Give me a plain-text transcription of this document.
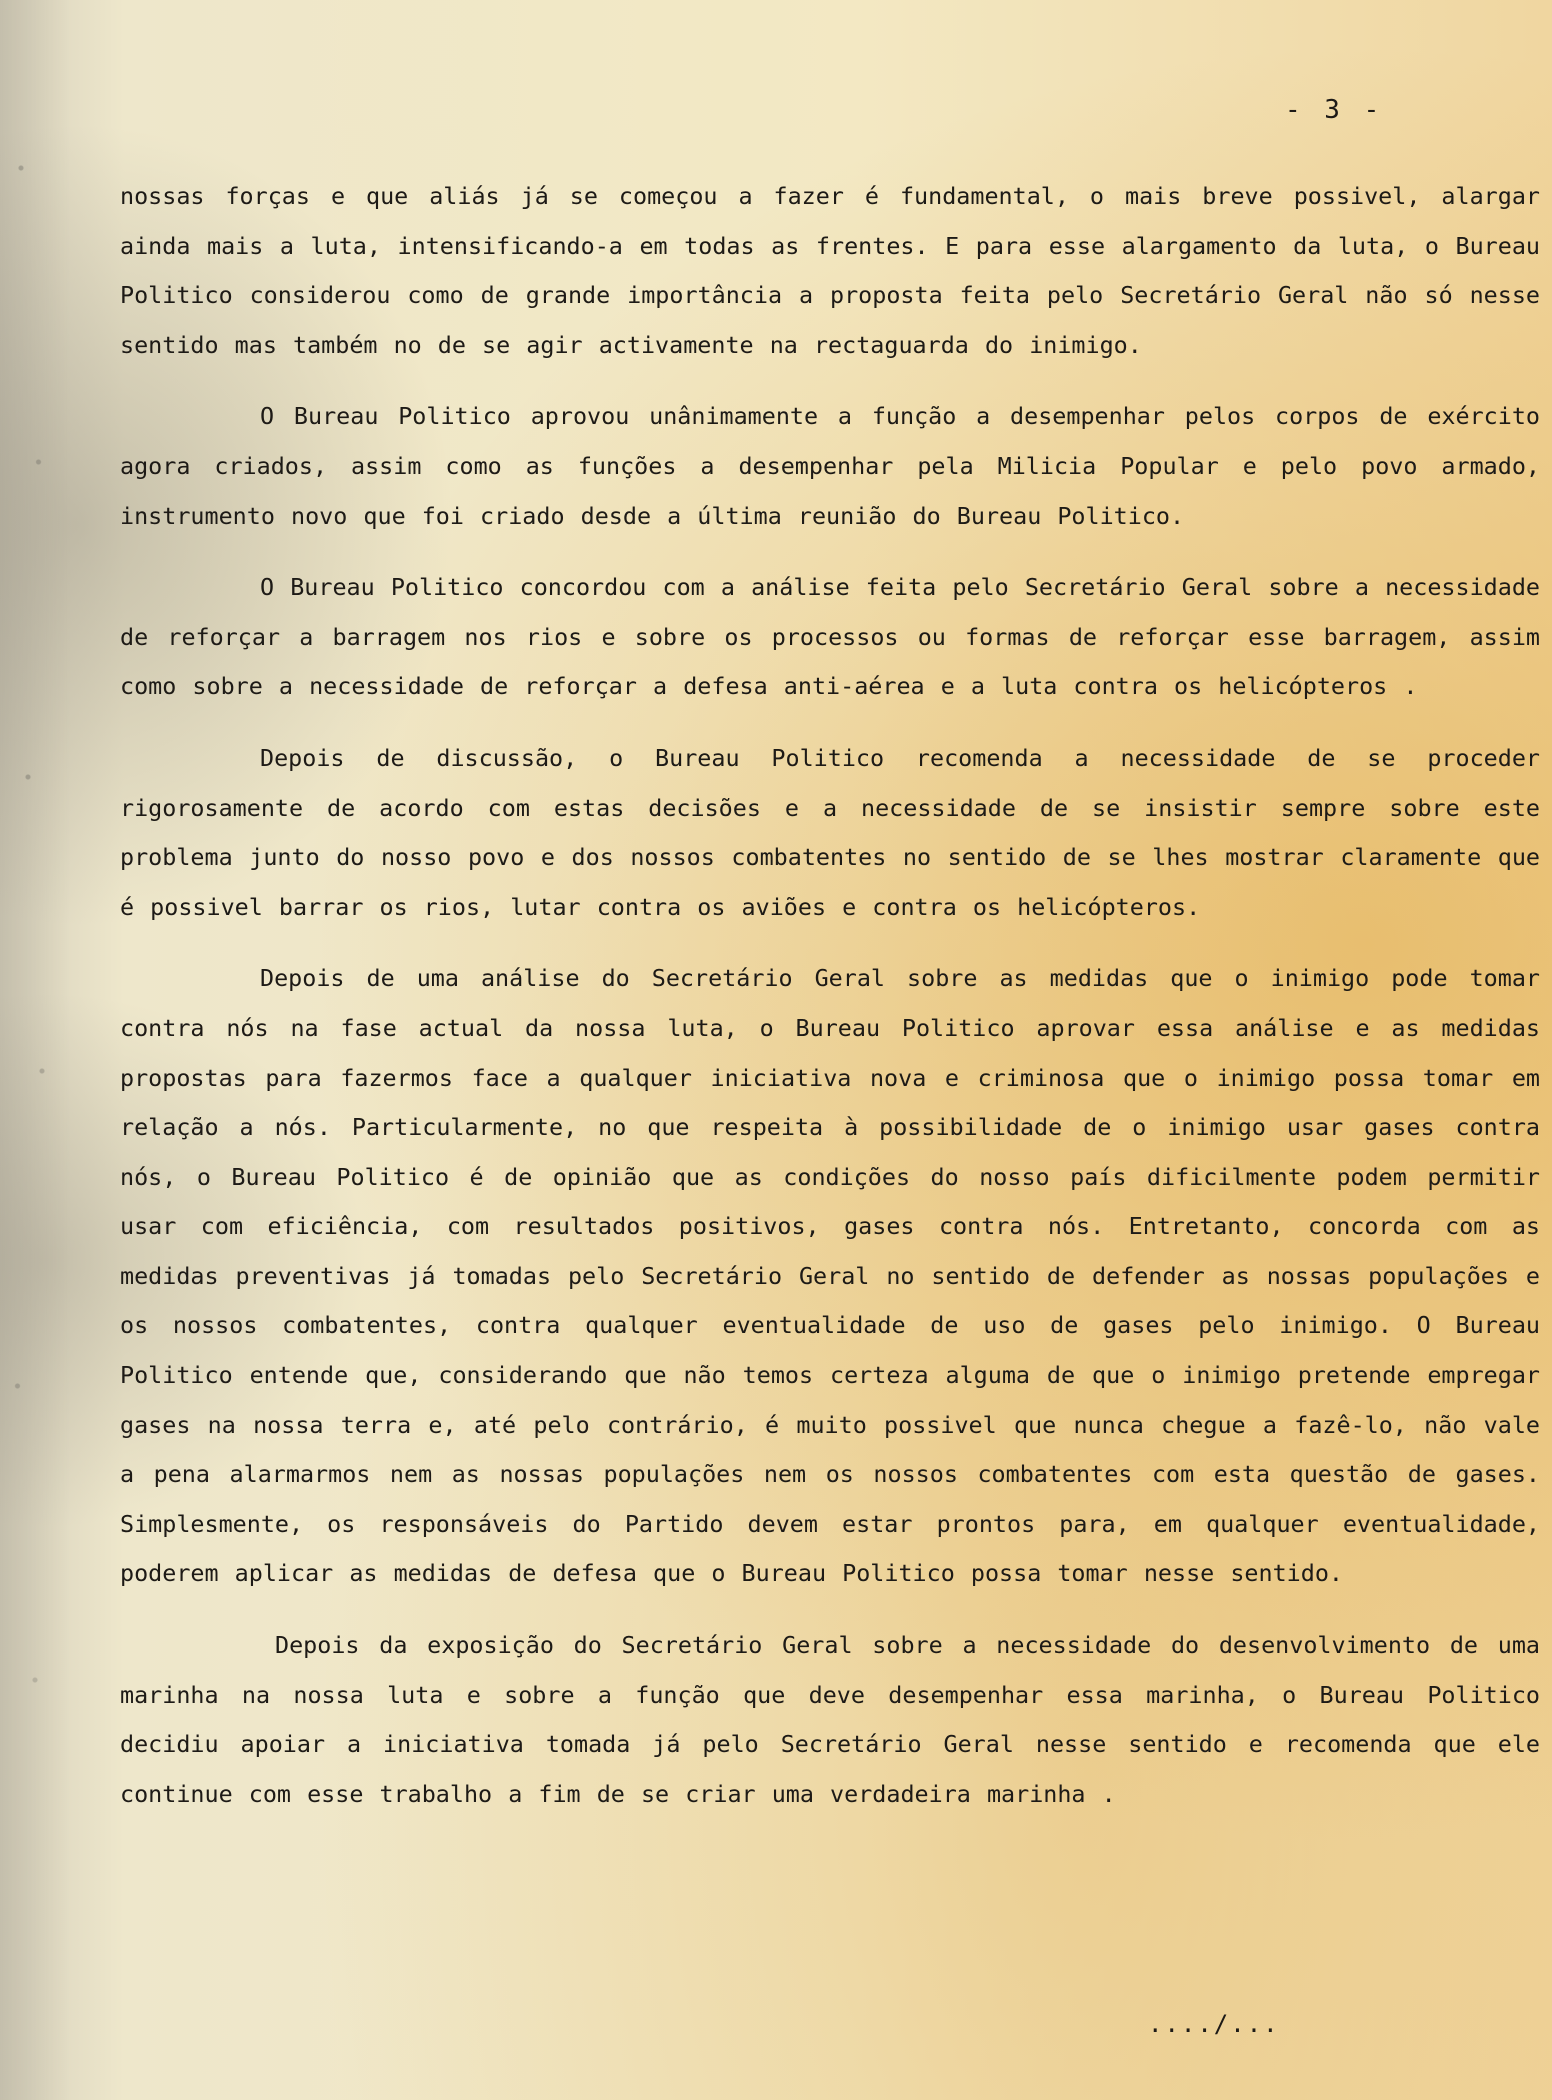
- 3 -

nossas forças e que aliás já se começou a fazer é fundamental, o mais breve possivel, alargar ainda mais a luta, intensificando-a em todas as frentes. E para esse alargamento da luta, o Bureau Politico considerou como de grande importância a proposta feita pelo Secretário Geral não só nesse sentido mas também no de se agir activamente na rectaguarda do inimigo.

O Bureau Politico aprovou unânimamente a função a desempenhar pelos corpos de exército agora criados, assim como as funções a desempenhar pela Milicia Popular e pelo povo armado, instrumento novo que foi criado desde a última reunião do Bureau Politico.

O Bureau Politico concordou com a análise feita pelo Secretário Geral sobre a necessidade de reforçar a barragem nos rios e sobre os processos ou formas de reforçar esse barragem, assim como sobre a necessidade de reforçar a defesa anti-aérea e a luta contra os helicópteros .

Depois de discussão, o Bureau Politico recomenda a necessidade de se proceder rigorosamente de acordo com estas decisões e a necessidade de se insistir sempre sobre este problema junto do nosso povo e dos nossos combatentes no sentido de se lhes mostrar claramente que é possivel barrar os rios, lutar contra os aviões e contra os helicópteros.

Depois de uma análise do Secretário Geral sobre as medidas que o inimigo pode tomar contra nós na fase actual da nossa luta, o Bureau Politico aprovar essa análise e as medidas propostas para fazermos face a qualquer iniciativa nova e criminosa que o inimigo possa tomar em relação a nós. Particularmente, no que respeita à possibilidade de o inimigo usar gases contra nós, o Bureau Politico é de opinião que as condições do nosso país dificilmente podem permitir usar com eficiência, com resultados positivos, gases contra nós. Entretanto, concorda com as medidas preventivas já tomadas pelo Secretário Geral no sentido de defender as nossas populações e os nossos combatentes, contra qualquer eventualidade de uso de gases pelo inimigo. O Bureau Politico entende que, considerando que não temos certeza alguma de que o inimigo pretende empregar gases na nossa terra e, até pelo contrário, é muito possivel que nunca chegue a fazê-lo, não vale a pena alarmarmos nem as nossas populações nem os nossos combatentes com esta questão de gases. Simplesmente, os responsáveis do Partido devem estar prontos para, em qualquer eventualidade, poderem aplicar as medidas de defesa que o Bureau Politico possa tomar nesse sentido.

Depois da exposição do Secretário Geral sobre a necessidade do desenvolvimento de uma marinha na nossa luta e sobre a função que deve desempenhar essa marinha, o Bureau Politico decidiu apoiar a iniciativa tomada já pelo Secretário Geral nesse sentido e recomenda que ele continue com esse trabalho a fim de se criar uma verdadeira marinha .

..../...
